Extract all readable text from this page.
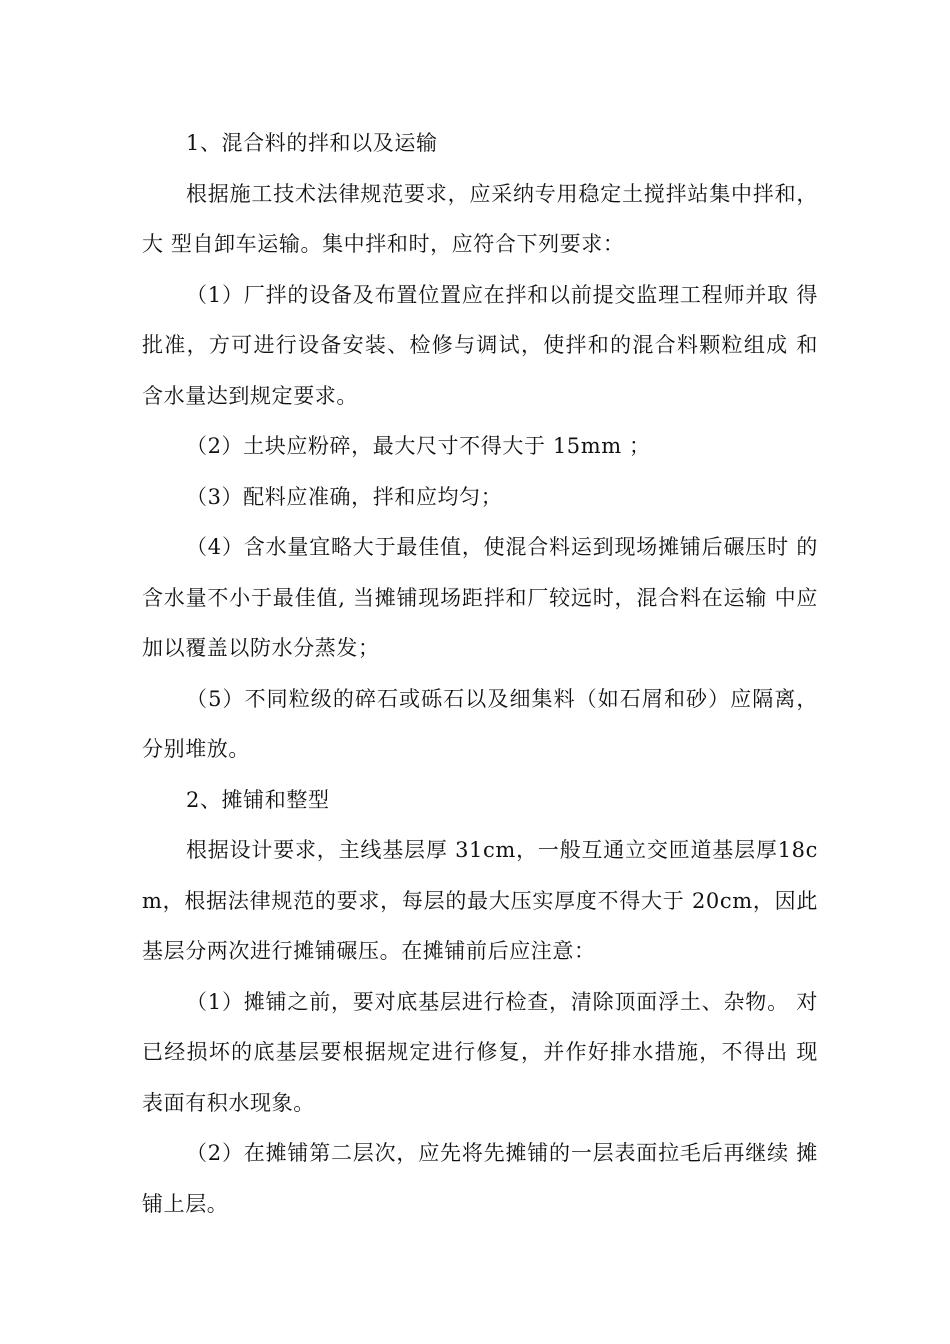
1、混合料的拌和以及运输

根据施工技术法律规范要求，应采纳专用稳定土搅拌站集中拌和，大 型自卸车运输。集中拌和时，应符合下列要求：

（1）厂拌的设备及布置位置应在拌和以前提交监理工程师并取 得批准，方可进行设备安装、检修与调试，使拌和的混合料颗粒组成 和含水量达到规定要求。

（2）土块应粉碎，最大尺寸不得大于 15mm ；

（3）配料应准确，拌和应均匀；

（4）含水量宜略大于最佳值，使混合料运到现场摊铺后碾压时 的含水量不小于最佳值, 当摊铺现场距拌和厂较远时，混合料在运输 中应加以覆盖以防水分蒸发；

（5）不同粒级的碎石或砾石以及细集料（如石屑和砂）应隔离，分别堆放。

2、摊铺和整型

根据设计要求，主线基层厚 31cm，一般互通立交匝道基层厚18cm，根据法律规范的要求，每层的最大压实厚度不得大于 20cm，因此基层分两次进行摊铺碾压。在摊铺前后应注意：

（1）摊铺之前，要对底基层进行检查，清除顶面浮土、杂物。 对已经损坏的底基层要根据规定进行修复，并作好排水措施，不得出 现表面有积水现象。

（2）在摊铺第二层次，应先将先摊铺的一层表面拉毛后再继续 摊铺上层。
